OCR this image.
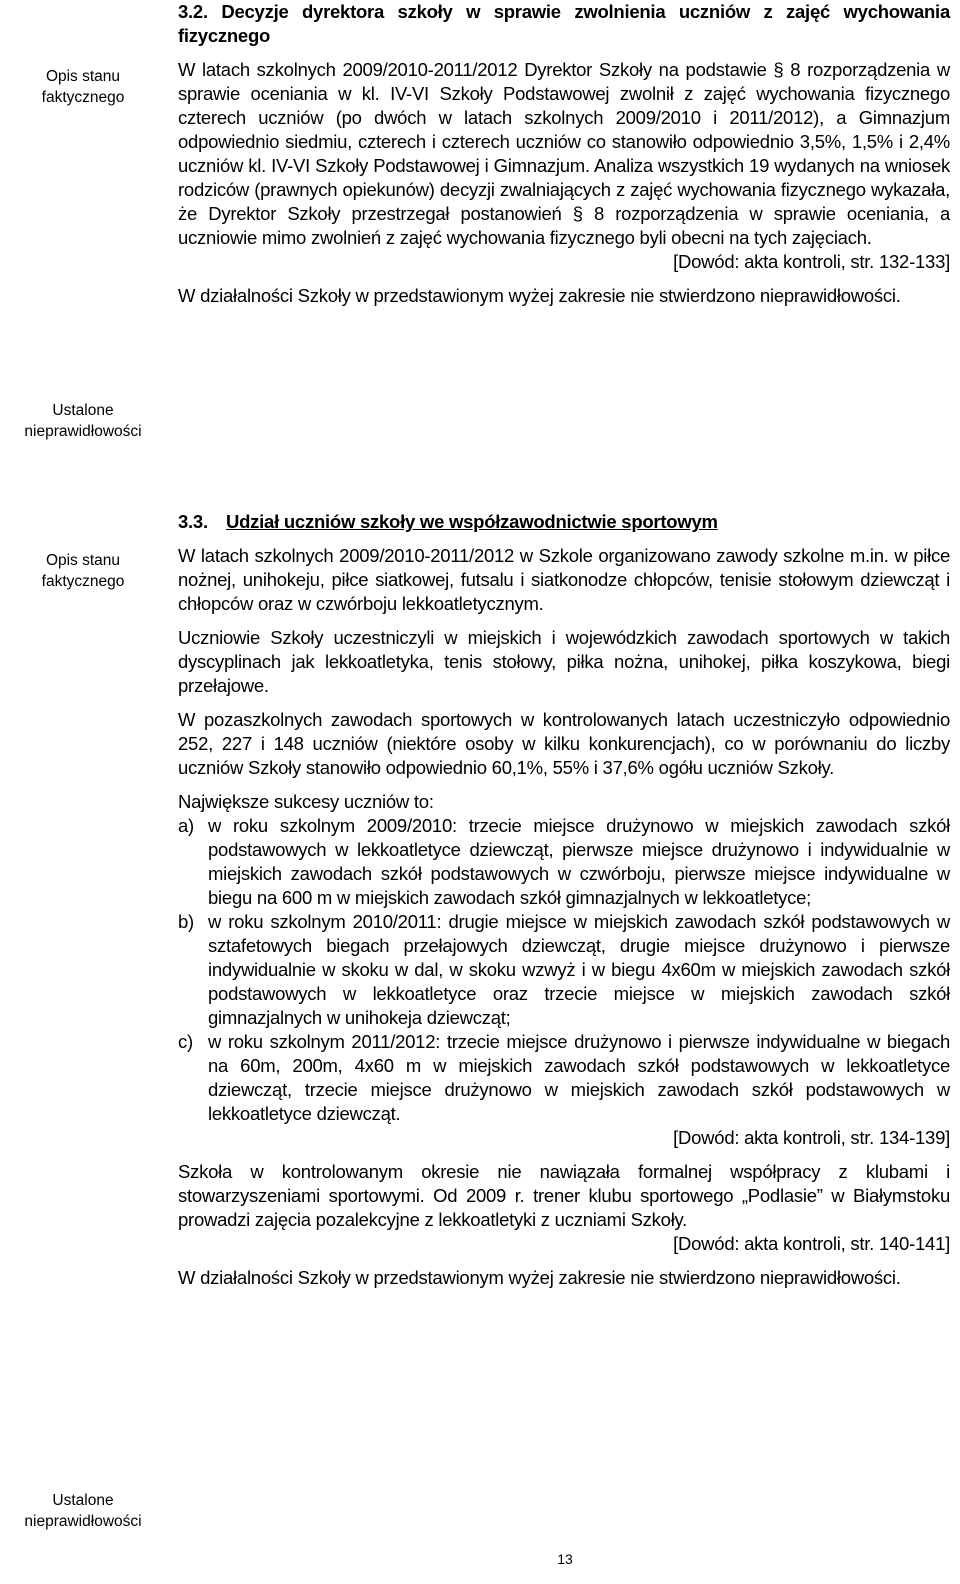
Opis stanu
faktycznego
Ustalone
nieprawidłowości
Opis stanu
faktycznego
Ustalone
nieprawidłowości

3.2. Decyzje dyrektora szkoły w sprawie zwolnienia uczniów z zajęć wychowania fizycznego

W latach szkolnych 2009/2010-2011/2012 Dyrektor Szkoły na podstawie § 8 rozporządzenia w sprawie oceniania w kl. IV-VI Szkoły Podstawowej zwolnił z zajęć wychowania fizycznego czterech uczniów (po dwóch w latach szkolnych 2009/2010 i 2011/2012), a Gimnazjum odpowiednio siedmiu, czterech i czterech uczniów co stanowiło odpowiednio 3,5%, 1,5% i 2,4% uczniów kl. IV-VI Szkoły Podstawowej i Gimnazjum. Analiza wszystkich 19 wydanych na wniosek rodziców (prawnych opiekunów) decyzji zwalniających z zajęć wychowania fizycznego wykazała, że Dyrektor Szkoły przestrzegał postanowień § 8 rozporządzenia w sprawie oceniania, a uczniowie mimo zwolnień z zajęć wychowania fizycznego byli obecni na tych zajęciach.

[Dowód: akta kontroli, str. 132-133]

W działalności Szkoły w przedstawionym wyżej zakresie nie stwierdzono nieprawidłowości.

3.3. Udział uczniów szkoły we współzawodnictwie sportowym

W latach szkolnych 2009/2010-2011/2012 w Szkole organizowano zawody szkolne m.in. w piłce nożnej, unihokeju, piłce siatkowej, futsalu i siatkonodze chłopców, tenisie stołowym dziewcząt i chłopców oraz w czwórboju lekkoatletycznym.

Uczniowie Szkoły uczestniczyli w miejskich i wojewódzkich zawodach sportowych w takich dyscyplinach jak lekkoatletyka, tenis stołowy, piłka nożna, unihokej, piłka koszykowa, biegi przełajowe.

W pozaszkolnych zawodach sportowych w kontrolowanych latach uczestniczyło odpowiednio 252, 227 i 148 uczniów (niektóre osoby w kilku konkurencjach), co w porównaniu do liczby uczniów Szkoły stanowiło odpowiednio 60,1%, 55% i 37,6% ogółu uczniów Szkoły.

Największe sukcesy uczniów to:

a) w roku szkolnym 2009/2010: trzecie miejsce drużynowo w miejskich zawodach szkół podstawowych w lekkoatletyce dziewcząt, pierwsze miejsce drużynowo i indywidualnie w miejskich zawodach szkół podstawowych w czwórboju, pierwsze miejsce indywidualne w biegu na 600 m w miejskich zawodach szkół gimnazjalnych w lekkoatletyce;
b) w roku szkolnym 2010/2011: drugie miejsce w miejskich zawodach szkół podstawowych w sztafetowych biegach przełajowych dziewcząt, drugie miejsce drużynowo i pierwsze indywidualnie w skoku w dal, w skoku wzwyż i w biegu 4x60m w miejskich zawodach szkół podstawowych w lekkoatletyce oraz trzecie miejsce w miejskich zawodach szkół gimnazjalnych w unihokeja dziewcząt;
c) w roku szkolnym 2011/2012: trzecie miejsce drużynowo i pierwsze indywidualne w biegach na 60m, 200m, 4x60 m w miejskich zawodach szkół podstawowych w lekkoatletyce dziewcząt, trzecie miejsce drużynowo w miejskich zawodach szkół podstawowych w lekkoatletyce dziewcząt.

[Dowód: akta kontroli, str. 134-139]

Szkoła w kontrolowanym okresie nie nawiązała formalnej współpracy z klubami i stowarzyszeniami sportowymi. Od 2009 r. trener klubu sportowego „Podlasie” w Białymstoku prowadzi zajęcia pozalekcyjne z lekkoatletyki z uczniami Szkoły.

[Dowód: akta kontroli, str. 140-141]

W działalności Szkoły w przedstawionym wyżej zakresie nie stwierdzono nieprawidłowości.

13
